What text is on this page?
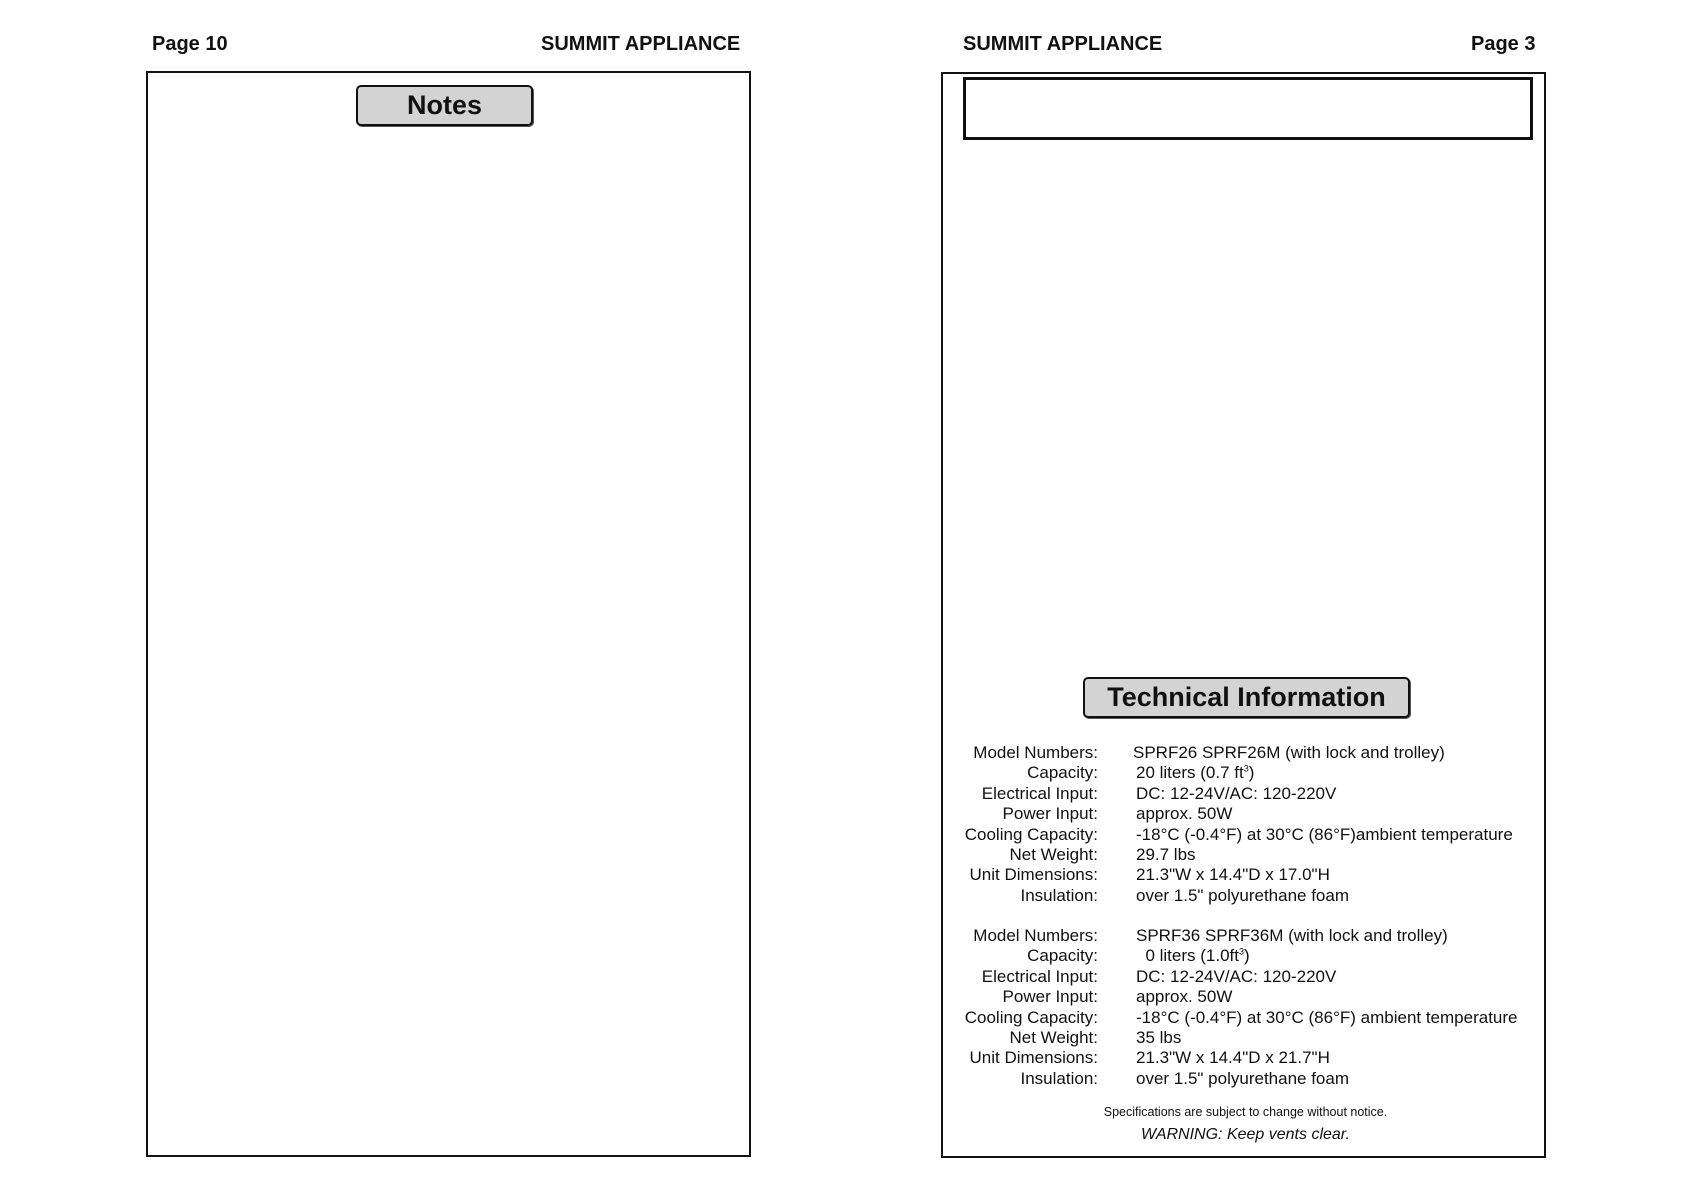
Page 10	SUMMIT APPLIANCE
Notes
SUMMIT APPLIANCE	Page 3
Technical Information
Model Numbers: SPRF26 SPRF26M (with lock and trolley)
Capacity: 20 liters (0.7 $ft^3$)
Electrical Input: DC: 12-24V/AC: 120-220V
Power Input: approx. 50W
Cooling Capacity: -18°C (-0.4°F) at 30°C (86°F)ambient temperature
Net Weight: 29.7 lbs
Unit Dimensions: 21.3"W x 14.4"D x 17.0"H
Insulation: over 1.5" polyurethane foam
Model Numbers: SPRF36 SPRF36M (with lock and trolley)
Capacity: 0 liters $(1.0ft^3)$
Electrical Input: DC: 12-24V/AC: 120-220V
Power Input: approx. 50W
Cooling Capacity: -18°C (-0.4°F) at 30°C (86°F) ambient temperature
Net Weight: 35 lbs
Unit Dimensions: 21.3"W x 14.4"D x 21.7"H
Insulation: over 1.5" polyurethane foam
Specifications are subject to change without notice.
WARNING: Keep vents clear.
